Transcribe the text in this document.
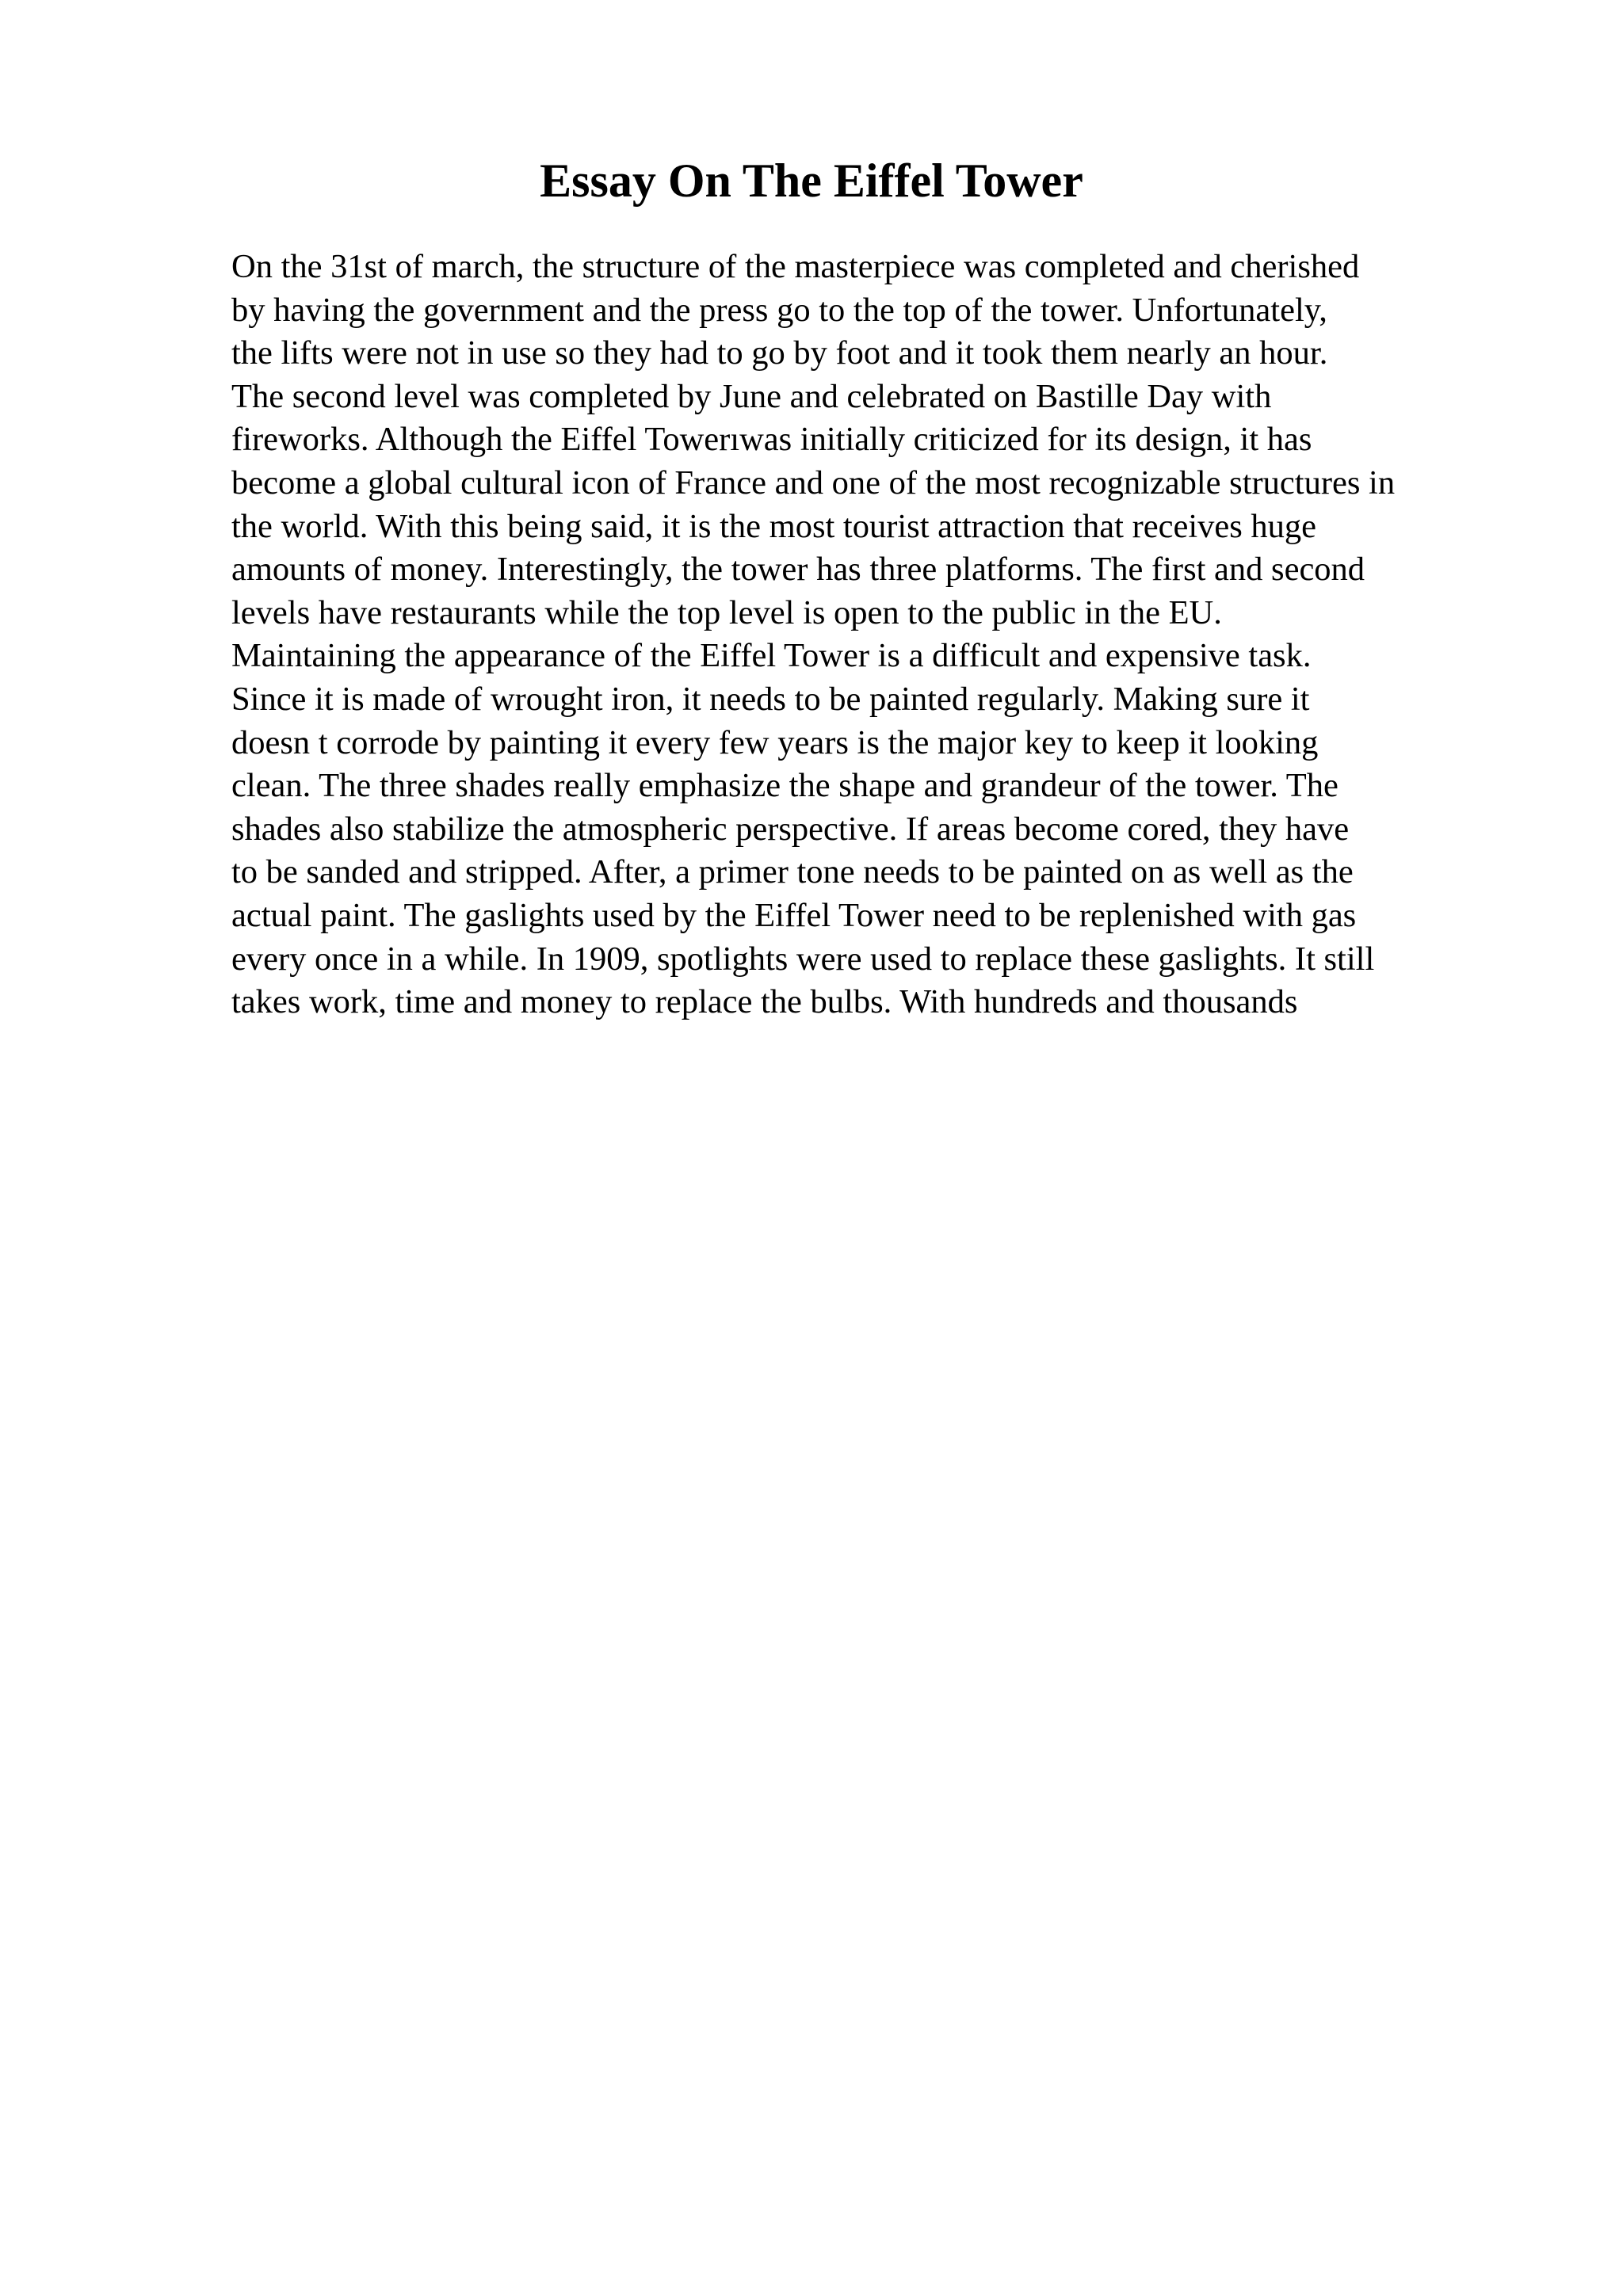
Essay On The Eiffel Tower
On the 31st of march, the structure of the masterpiece was completed and cherished
by having the government and the press go to the top of the tower. Unfortunately,
the lifts were not in use so they had to go by foot and it took them nearly an hour.
The second level was completed by June and celebrated on Bastille Day with
fireworks. Although the Eiffel Towerıwas initially criticized for its design, it has
become a global cultural icon of France and one of the most recognizable structures in
the world. With this being said, it is the most tourist attraction that receives huge
amounts of money. Interestingly, the tower has three platforms. The first and second
levels have restaurants while the top level is open to the public in the EU.
Maintaining the appearance of the Eiffel Tower is a difficult and expensive task.
Since it is made of wrought iron, it needs to be painted regularly. Making sure it
doesn t corrode by painting it every few years is the major key to keep it looking
clean. The three shades really emphasize the shape and grandeur of the tower. The
shades also stabilize the atmospheric perspective. If areas become cored, they have
to be sanded and stripped. After, a primer tone needs to be painted on as well as the
actual paint. The gaslights used by the Eiffel Tower need to be replenished with gas
every once in a while. In 1909, spotlights were used to replace these gaslights. It still
takes work, time and money to replace the bulbs. With hundreds and thousands
